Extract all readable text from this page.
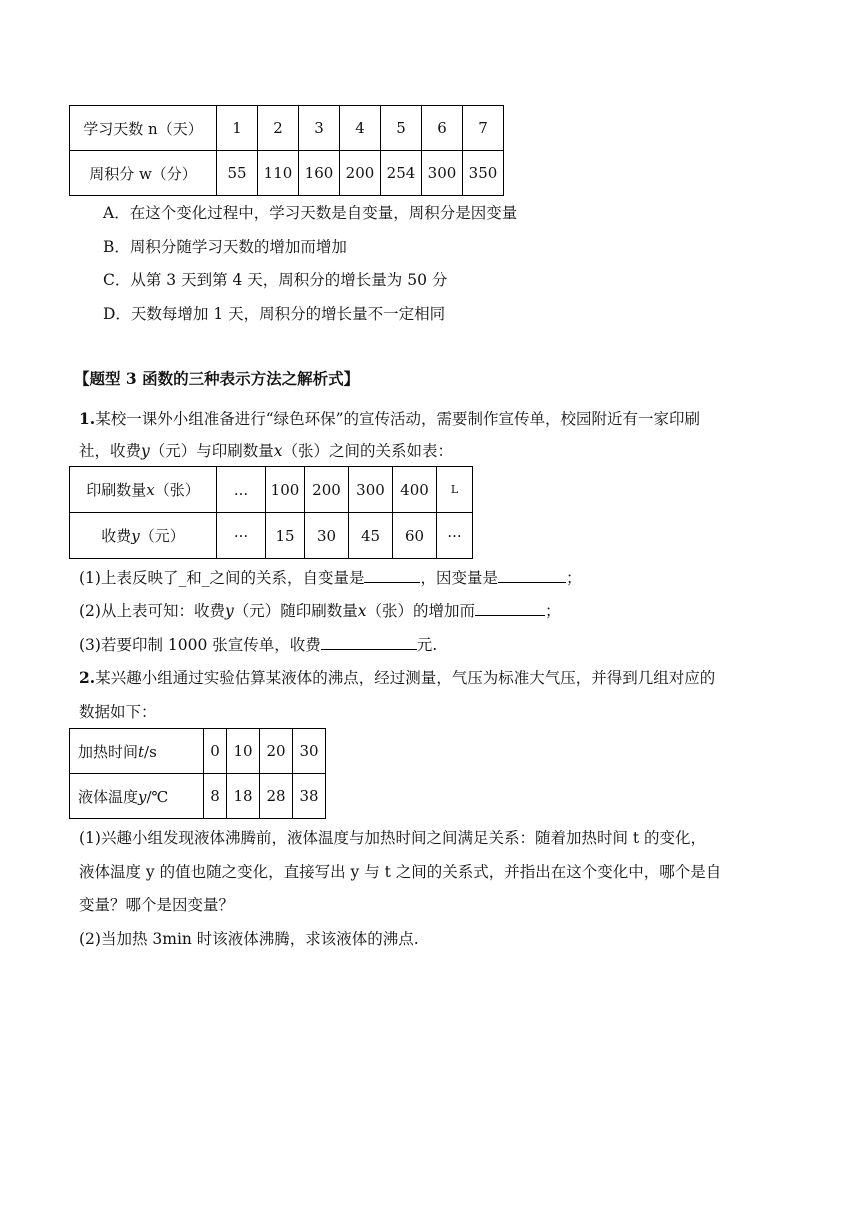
学习天数 n（天）	1	2	3	4	5	6	7
周积分 w（分）	55	110	160	200	254	300	350
A．在这个变化过程中，学习天数是自变量，周积分是因变量
B．周积分随学习天数的增加而增加
C．从第 3 天到第 4 天，周积分的增长量为 50 分
D．天数每增加 1 天，周积分的增长量不一定相同
【题型 3 函数的三种表示方法之解析式】
1.某校一课外小组准备进行“绿色环保”的宣传活动，需要制作宣传单，校园附近有一家印刷
社，收费y（元）与印刷数量x（张）之间的关系如表：
印刷数量x（张）	...	100	200	300	400	L
收费y（元）	···	15	30	45	60	···
(1)上表反映了_和_之间的关系，自变量是	，因变量是	；
(2)从上表可知：收费y（元）随印刷数量x（张）的增加而	；
(3)若要印制 1000 张宣传单，收费	元.
2.某兴趣小组通过实验估算某液体的沸点，经过测量，气压为标准大气压，并得到几组对应的
数据如下：
加热时间t/s	0	10	20	30
液体温度y/℃	8	18	28	38
(1)兴趣小组发现液体沸腾前，液体温度与加热时间之间满足关系：随着加热时间 t 的变化，
液体温度 y 的值也随之变化，直接写出 y 与 t 之间的关系式，并指出在这个变化中，哪个是自
变量？哪个是因变量？
(2)当加热 3min 时该液体沸腾，求该液体的沸点.
